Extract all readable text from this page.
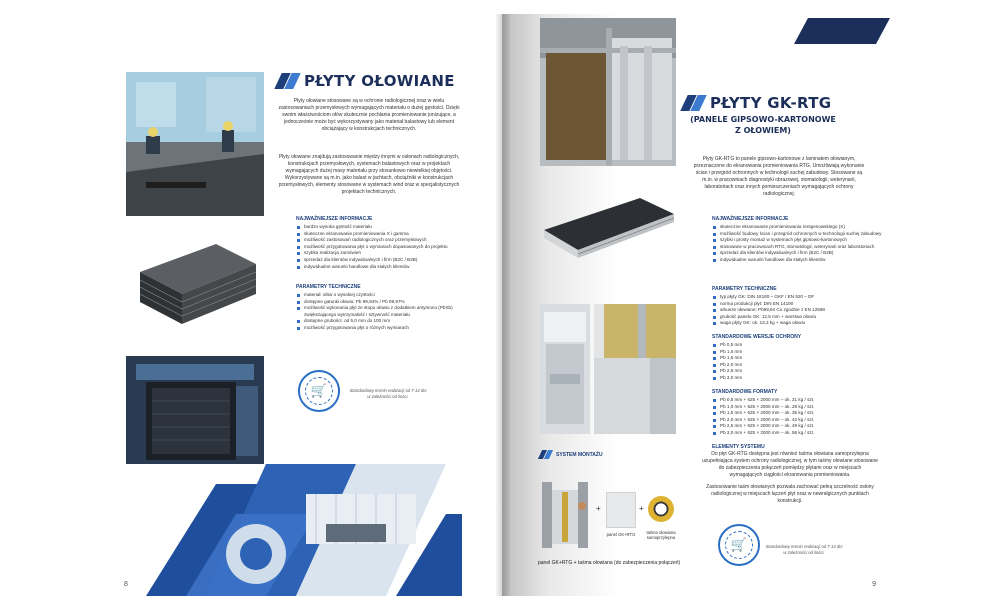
PŁYTY OŁOWIANE
Płyty ołowiane stosowane są w ochronie radiologicznej oraz w wielu zastosowaniach przemysłowych wymagających materiału o dużej gęstości. Dzięki swoim właściwościom ołów skutecznie pochłania promieniowanie jonizujące, a jednocześnie może być wykorzystywany jako materiał balastowy lub element obciążający w konstrukcjach technicznych.
Płyty ołowiane znajdują zastosowanie między innymi w osłonach radiologicznych, konstrukcjach przemysłowych, systemach balastowych oraz w projektach wymagających dużej masy materiału przy stosunkowo niewielkiej objętości. Wykorzystywane są m.in. jako balast w jachtach, obciążniki w konstrukcjach przemysłowych, elementy stosowane w systemach wind oraz w specjalistycznych projektach technicznych.
NAJWAŻNIEJSZE INFORMACJE
bardzo wysoka gęstość materiału
skuteczne ekranowanie promieniowania X i gamma
możliwość zastosowań radiologicznych oraz przemysłowych
możliwość przygotowania płyt o wymiarach dopasowanych do projektu
szybka realizacja zamówień
sprzedaż dla klientów indywidualnych i firm (B2C / B2B)
indywidualne warunki handlowe dla stałych klientów
PARAMETRY TECHNICZNE
materiał: ołów o wysokiej czystości
dostępne gatunki ołowiu: Pb 99,94% / Pb 99,97%
możliwość wykonania płyt ze stopu ołowiu z dodatkiem antymonu (PbSb) zwiększającego wytrzymałość i sztywność materiału
dostępne grubości: od 5,0 mm do 100 mm
możliwość przygotowania płyt o różnych wymiarach
🛒	Standardowy termin realizacji od 7-14 dni w zależności od ilości.
8
PŁYTY GK-RTG
(PANELE GIPSOWO-KARTONOWE Z OŁOWIEM)
Płyty GK-RTG to panele gipsowo-kartonowe z laminatem ołowianym, przeznaczone do ekranowania promieniowania RTG. Umożliwiają wykonanie ścian i przegród ochronnych w technologii suchej zabudowy. Stosowane są m.in. w pracowniach diagnostyki obrazowej, stomatologii, weterynarii, laboratoriach oraz innych pomieszczeniach wymagających ochrony radiologicznej.
NAJWAŻNIEJSZE INFORMACJE
skuteczne ekranowanie promieniowania rentgenowskiego (X)
możliwość budowy ścian i przegród ochronnych w technologii suchej zabudowy
szybki i prosty montaż w systemach płyt gipsowo-kartonowych
stosowane w pracowniach RTG, stomatologii, weterynarii oraz laboratoriach
sprzedaż dla klientów indywidualnych i firm (B2C / B2B)
indywidualne warunki handlowe dla stałych klientów
PARAMETRY TECHNICZNE
typ płyty GK: DIN 18180 – GKF / EN 520 – DF
norma produkcji płyt: DIN EN 14190
arkusze ołowiane: Pb99,94 Cu zgodnie z EN 12588
grubość panelu GK: 12,5 mm + warstwa ołowiu
waga płyty GK: ok. 13,3 kg + waga ołowiu
STANDARDOWE WERSJE OCHRONY
Pb 0,5 mm
Pb 1,0 mm
Pb 1,5 mm
Pb 2,0 mm
Pb 2,5 mm
Pb 3,0 mm
STANDARDOWE FORMATY
Pb 0,5 mm + 625 × 2000 mm – ok. 21 kg / szt.
Pb 1,0 mm + 625 × 2000 mm – ok. 28 kg / szt.
Pb 1,5 mm + 625 × 2000 mm – ok. 35 kg / szt.
Pb 2,0 mm + 625 × 2000 mm – ok. 42 kg / szt.
Pb 2,5 mm + 625 × 2000 mm – ok. 49 kg / szt.
Pb 3,0 mm + 625 × 2000 mm – ok. 56 kg / szt.
ELEMENTY SYSTEMU
Do płyt GK-RTG dostępna jest również taśma ołowiana samoprzylepna uzupełniająca system ochrony radiologicznej, w tym taśmy ołowiane stosowane do zabezpieczenia połączeń pomiędzy płytami oraz w miejscach wymagających ciągłości ekranowania promieniowania.
Zastosowanie taśm ołowianych pozwala zachować pełną szczelność osłony radiologicznej w miejscach łączeń płyt oraz w newralgicznych punktach konstrukcji.
SYSTEM MONTAŻU
+
panel GK+RTG
+
taśma ołowiana samoprzylepna
panel GK+RTG + taśma ołowiana (do zabezpieczenia połączeń)
🛒	Standardowy termin realizacji od 7-14 dni w zależności od ilości.
9
